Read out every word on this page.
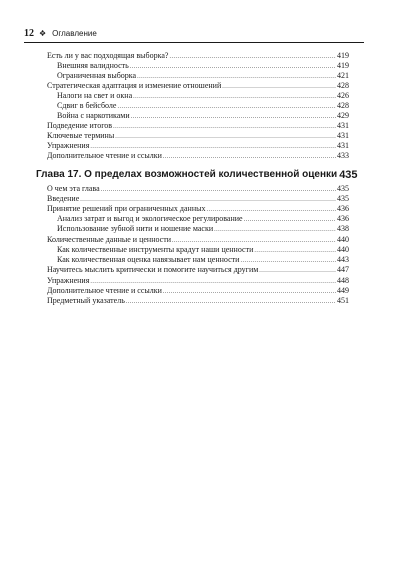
12 ❖ Оглавление
Есть ли у вас подходящая выборка? .....	419
Внешняя валидность .....	419
Ограниченная выборка .....	421
Стратегическая адаптация и изменение отношений .....	428
Налоги на свет и окна .....	426
Сдвиг в бейсболе .....	428
Война с наркотиками .....	429
Подведение итогов .....	431
Ключевые термины .....	431
Упражнения .....	431
Дополнительное чтение и ссылки .....	433
Глава 17. О пределах возможностей количественной оценки 435
О чем эта глава .....	435
Введение .....	435
Принятие решений при ограниченных данных .....	436
Анализ затрат и выгод и экологическое регулирование .....	436
Использование зубной нити и ношение маски .....	438
Количественные данные и ценности .....	440
Как количественные инструменты крадут наши ценности .....	440
Как количественная оценка навязывает нам ценности .....	443
Научитесь мыслить критически и помогите научиться другим .....	447
Упражнения .....	448
Дополнительное чтение и ссылки .....	449
Предметный указатель .....	451
